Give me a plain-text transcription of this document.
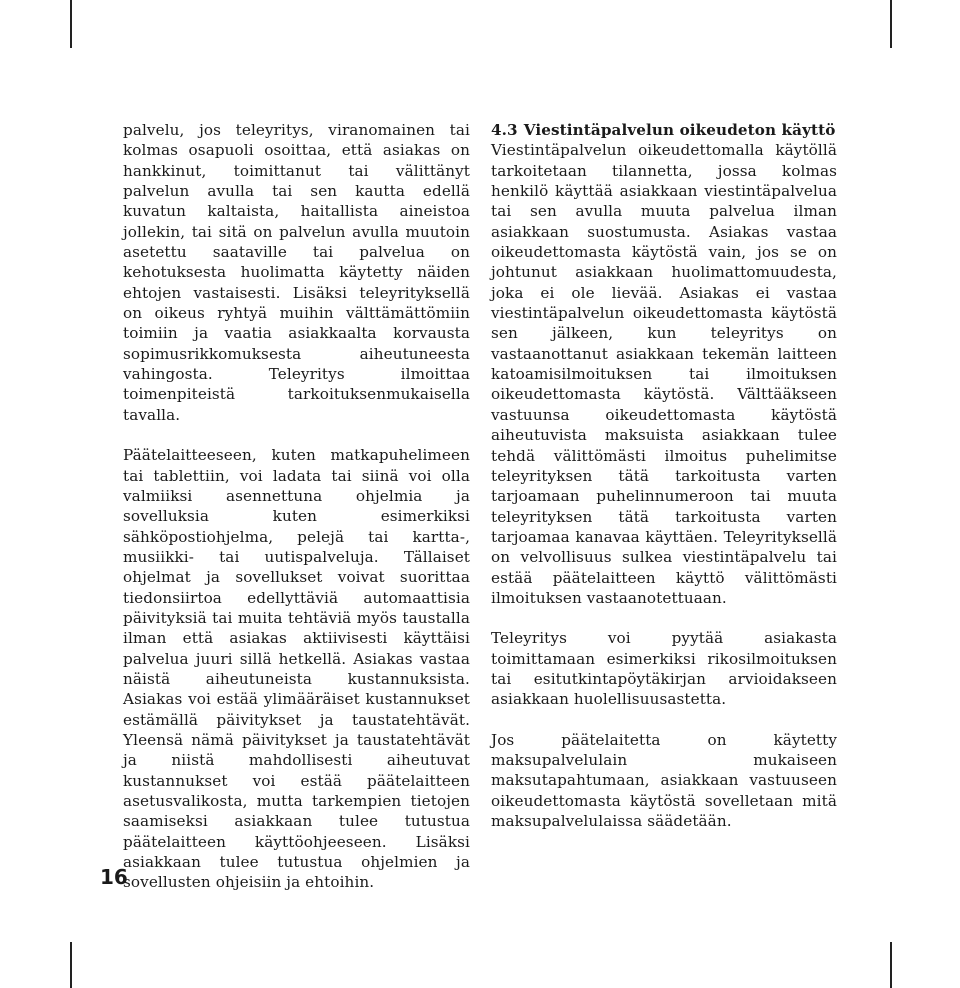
palvelu, jos teleyritys, viranomainen tai kolmas osapuoli osoittaa, että asiakas on hankkinut, toimittanut tai välittänyt palvelun avulla tai sen kautta edellä kuvatun kaltaista, haitallista aineistoa jollekin, tai sitä on palvelun avulla muutoin asetettu saataville tai palvelua on kehotuksesta huolimatta käytetty näiden ehtojen vastaisesti. Lisäksi teleyrityksellä on oikeus ryhtyä muihin välttämättömiin toimiin ja vaatia asiakkaalta korvausta sopimusrikkomuksesta aiheutuneesta vahingosta. Teleyritys ilmoittaa toimenpiteistä tarkoituksenmukaisella tavalla.

Päätelaitteeseen, kuten matkapuhelimeen tai tablettiin, voi ladata tai siinä voi olla valmiiksi asennettuna ohjelmia ja sovelluksia kuten esimerkiksi sähköpostiohjelma, pelejä tai kartta-, musiikki- tai uutispalveluja. Tällaiset ohjelmat ja sovellukset voivat suorittaa tiedonsiirtoa edellyttäviä automaattisia päivityksiä tai muita tehtäviä myös taustalla ilman että asiakas aktiivisesti käyttäisi palvelua juuri sillä hetkellä. Asiakas vastaa näistä aiheutuneista kustannuksista. Asiakas voi estää ylimääräiset kustannukset estämällä päivitykset ja taustatehtävät. Yleensä nämä päivitykset ja taustatehtävät ja niistä mahdollisesti aiheutuvat kustannukset voi estää päätelaitteen asetusvalikosta, mutta tarkempien tietojen saamiseksi asiakkaan tulee tutustua päätelaitteen käyttöohjeeseen. Lisäksi asiakkaan tulee tutustua ohjelmien ja sovellusten ohjeisiin ja ehtoihin.

4.3 Viestintäpalvelun oikeudeton käyttö

Viestintäpalvelun oikeudettomalla käytöllä tarkoitetaan tilannetta, jossa kolmas henkilö käyttää asiakkaan viestintäpalvelua tai sen avulla muuta palvelua ilman asiakkaan suostumusta. Asiakas vastaa oikeudettomasta käytöstä vain, jos se on johtunut asiakkaan huolimattomuudesta, joka ei ole lievää. Asiakas ei vastaa viestintäpalvelun oikeudettomasta käytöstä sen jälkeen, kun teleyritys on vastaanottanut asiakkaan tekemän laitteen katoamisilmoituksen tai ilmoituksen oikeudettomasta käytöstä. Välttääkseen vastuunsa oikeudettomasta käytöstä aiheutuvista maksuista asiakkaan tulee tehdä välittömästi ilmoitus puhelimitse teleyrityksen tätä tarkoitusta varten tarjoamaan puhelinnumeroon tai muuta teleyrityksen tätä tarkoitusta varten tarjoamaa kanavaa käyttäen. Teleyrityksellä on velvollisuus sulkea viestintäpalvelu tai estää päätelaitteen käyttö välittömästi ilmoituksen vastaanotettuaan.

Teleyritys voi pyytää asiakasta toimittamaan esimerkiksi rikosilmoituksen tai esitutkintapöytäkirjan arvioidakseen asiakkaan huolellisuusastetta.

Jos päätelaitetta on käytetty maksupalvelulain mukaiseen maksutapahtumaan, asiakkaan vastuuseen oikeudettomasta käytöstä sovelletaan mitä maksupalvelulaissa säädetään.

16
